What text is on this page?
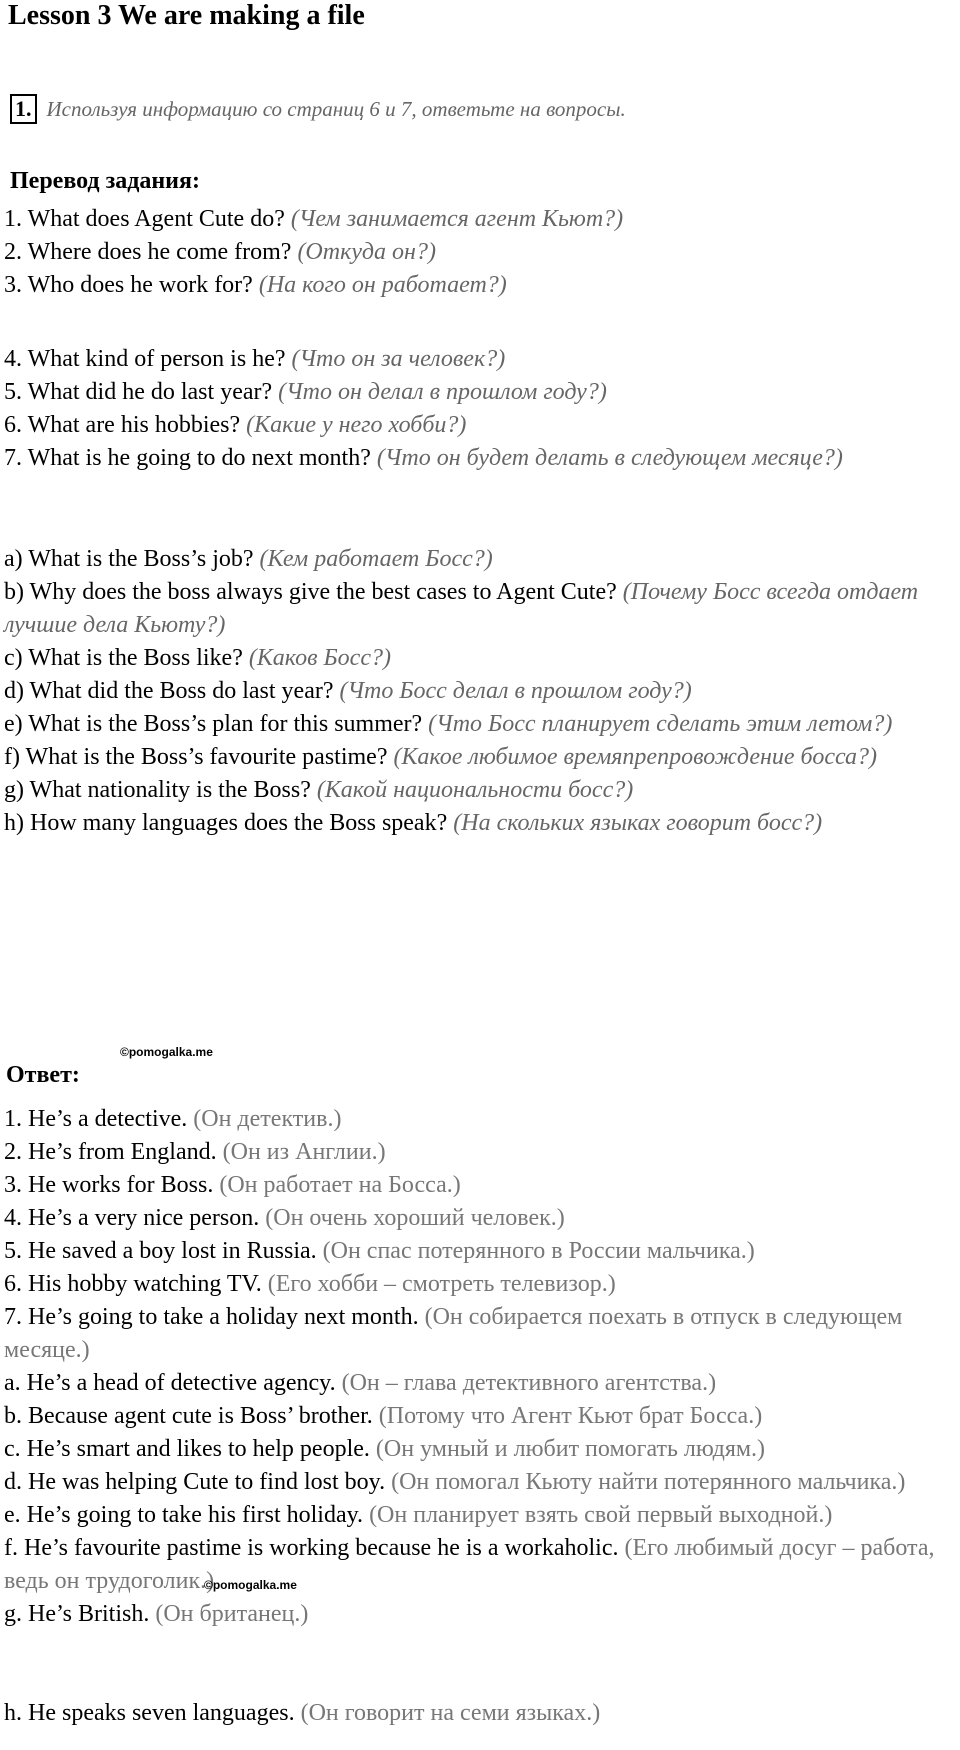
Lesson 3 We are making a file
1. Используя информацию со страниц 6 и 7, ответьте на вопросы.
Перевод задания:
1. What does Agent Cute do? (Чем занимается агент Кьют?)
2. Where does he come from? (Откуда он?)
3. Who does he work for? (На кого он работает?)
4. What kind of person is he? (Что он за человек?)
5. What did he do last year? (Что он делал в прошлом году?)
6. What are his hobbies? (Какие у него хобби?)
7. What is he going to do next month? (Что он будет делать в следующем месяце?)
a) What is the Boss’s job? (Кем работает Босс?)
b) Why does the boss always give the best cases to Agent Cute? (Почему Босс всегда отдает лучшие дела Кьюту?)
c) What is the Boss like? (Каков Босс?)
d) What did the Boss do last year? (Что Босс делал в прошлом году?)
e) What is the Boss’s plan for this summer? (Что Босс планирует сделать этим летом?)
f) What is the Boss’s favourite pastime? (Какое любимое времяпрепровождение босса?)
g) What nationality is the Boss? (Какой национальности босс?)
h) How many languages does the Boss speak? (На скольких языках говорит босс?)
©pomogalka.me
Ответ:
1. He’s a detective. (Он детектив.)
2. He’s from England. (Он из Англии.)
3. He works for Boss. (Он работает на Босса.)
4. He’s a very nice person. (Он очень хороший человек.)
5. He saved a boy lost in Russia. (Он спас потерянного в России мальчика.)
6. His hobby watching TV. (Его хобби – смотреть телевизор.)
7. He’s going to take a holiday next month. (Он собирается поехать в отпуск в следующем месяце.)
a. He’s a head of detective agency. (Он – глава детективного агентства.)
b. Because agent cute is Boss’ brother. (Потому что Агент Кьют брат Босса.)
c. He’s smart and likes to help people. (Он умный и любит помогать людям.)
d. He was helping Cute to find lost boy. (Он помогал Кьюту найти потерянного мальчика.)
e. He’s going to take his first holiday. (Он планирует взять свой первый выходной.)
f. He’s favourite pastime is working because he is a workaholic. (Его любимый досуг – работа, ведь он трудоголик.)
g. He’s British. (Он британец.)
©pomogalka.me
h. He speaks seven languages. (Он говорит на семи языках.)
